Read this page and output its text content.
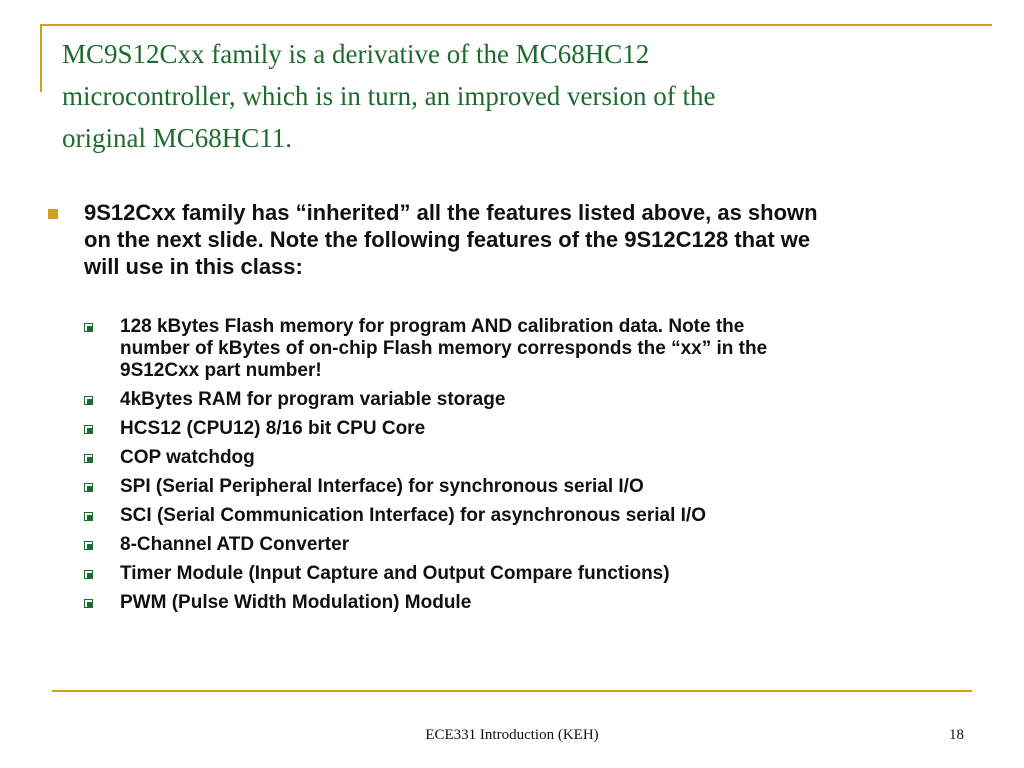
MC9S12Cxx family is a derivative of the MC68HC12
microcontroller, which is in turn, an improved version of the
original MC68HC11.
9S12Cxx family has “inherited” all the features listed above, as shown
on the next slide. Note the following features of the 9S12C128 that we
will use in this class:
128 kBytes Flash memory for program AND calibration data. Note the
number of kBytes of on-chip Flash memory corresponds the “xx” in the
9S12Cxx part number!
4kBytes RAM for program variable storage
HCS12 (CPU12) 8/16 bit CPU Core
COP watchdog
SPI (Serial Peripheral Interface) for synchronous serial I/O
SCI (Serial Communication Interface) for asynchronous serial I/O
8-Channel ATD Converter
Timer Module (Input Capture and Output Compare functions)
PWM (Pulse Width Modulation) Module
ECE331 Introduction (KEH)	18
